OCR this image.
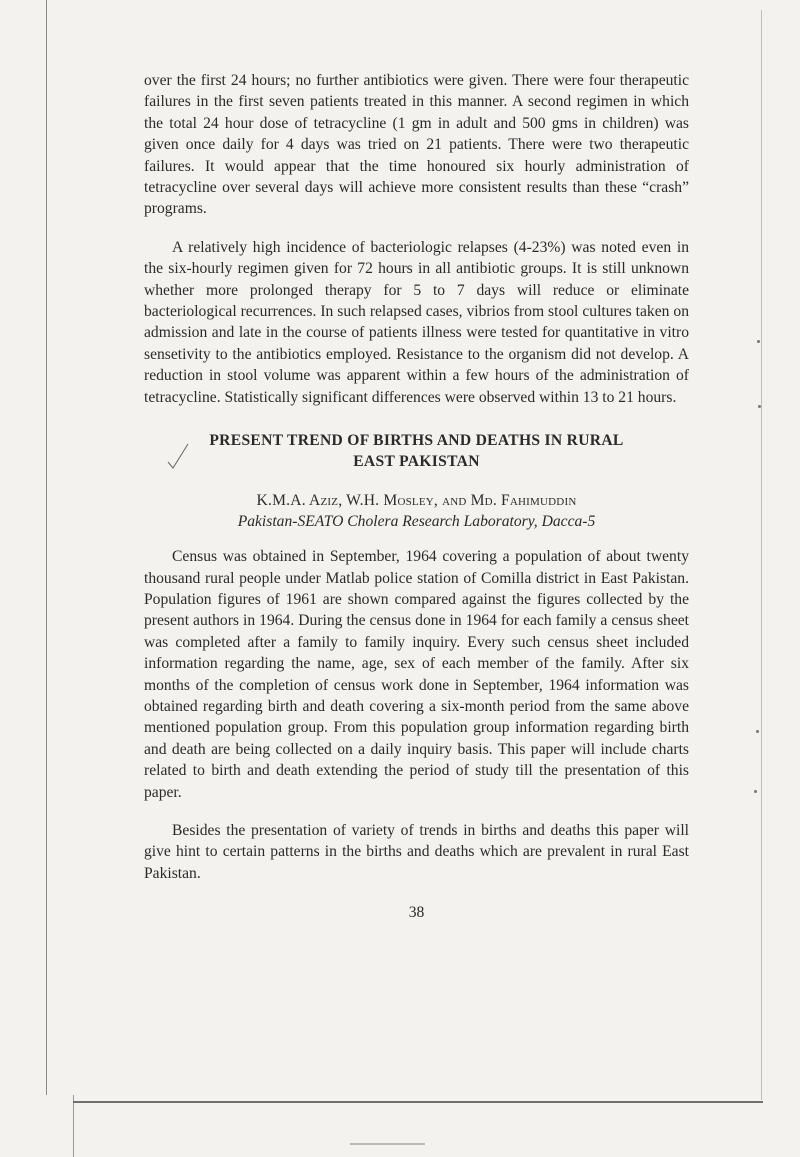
over the first 24 hours; no further antibiotics were given. There were four therapeutic failures in the first seven patients treated in this manner. A second regimen in which the total 24 hour dose of tetracycline (1 gm in adult and 500 gms in children) was given once daily for 4 days was tried on 21 patients. There were two therapeutic failures. It would appear that the time honoured six hourly administration of tetracycline over several days will achieve more consistent results than these “crash” programs.

A relatively high incidence of bacteriologic relapses (4-23%) was noted even in the six-hourly regimen given for 72 hours in all antibiotic groups. It is still unknown whether more prolonged therapy for 5 to 7 days will reduce or eliminate bacteriological recurrences. In such relapsed cases, vibrios from stool cultures taken on admission and late in the course of patients illness were tested for quantitative in vitro sensetivity to the antibiotics employed. Resistance to the organism did not develop. A reduction in stool volume was apparent within a few hours of the administration of tetracycline. Statistically significant differences were observed within 13 to 21 hours.

PRESENT TREND OF BIRTHS AND DEATHS IN RURAL
EAST PAKISTAN
K.M.A. Aziz, W.H. Mosley, and Md. Fahimuddin
Pakistan-SEATO Cholera Research Laboratory, Dacca-5

Census was obtained in September, 1964 covering a population of about twenty thousand rural people under Matlab police station of Comilla district in East Pakistan. Population figures of 1961 are shown compared against the figures collected by the present authors in 1964. During the census done in 1964 for each family a census sheet was completed after a family to family inquiry. Every such census sheet included information regarding the name, age, sex of each member of the family. After six months of the completion of census work done in September, 1964 information was obtained regarding birth and death covering a six-month period from the same above mentioned population group. From this population group information regarding birth and death are being collected on a daily inquiry basis. This paper will include charts related to birth and death extending the period of study till the presentation of this paper.

Besides the presentation of variety of trends in births and deaths this paper will give hint to certain patterns in the births and deaths which are prevalent in rural East Pakistan.

38
